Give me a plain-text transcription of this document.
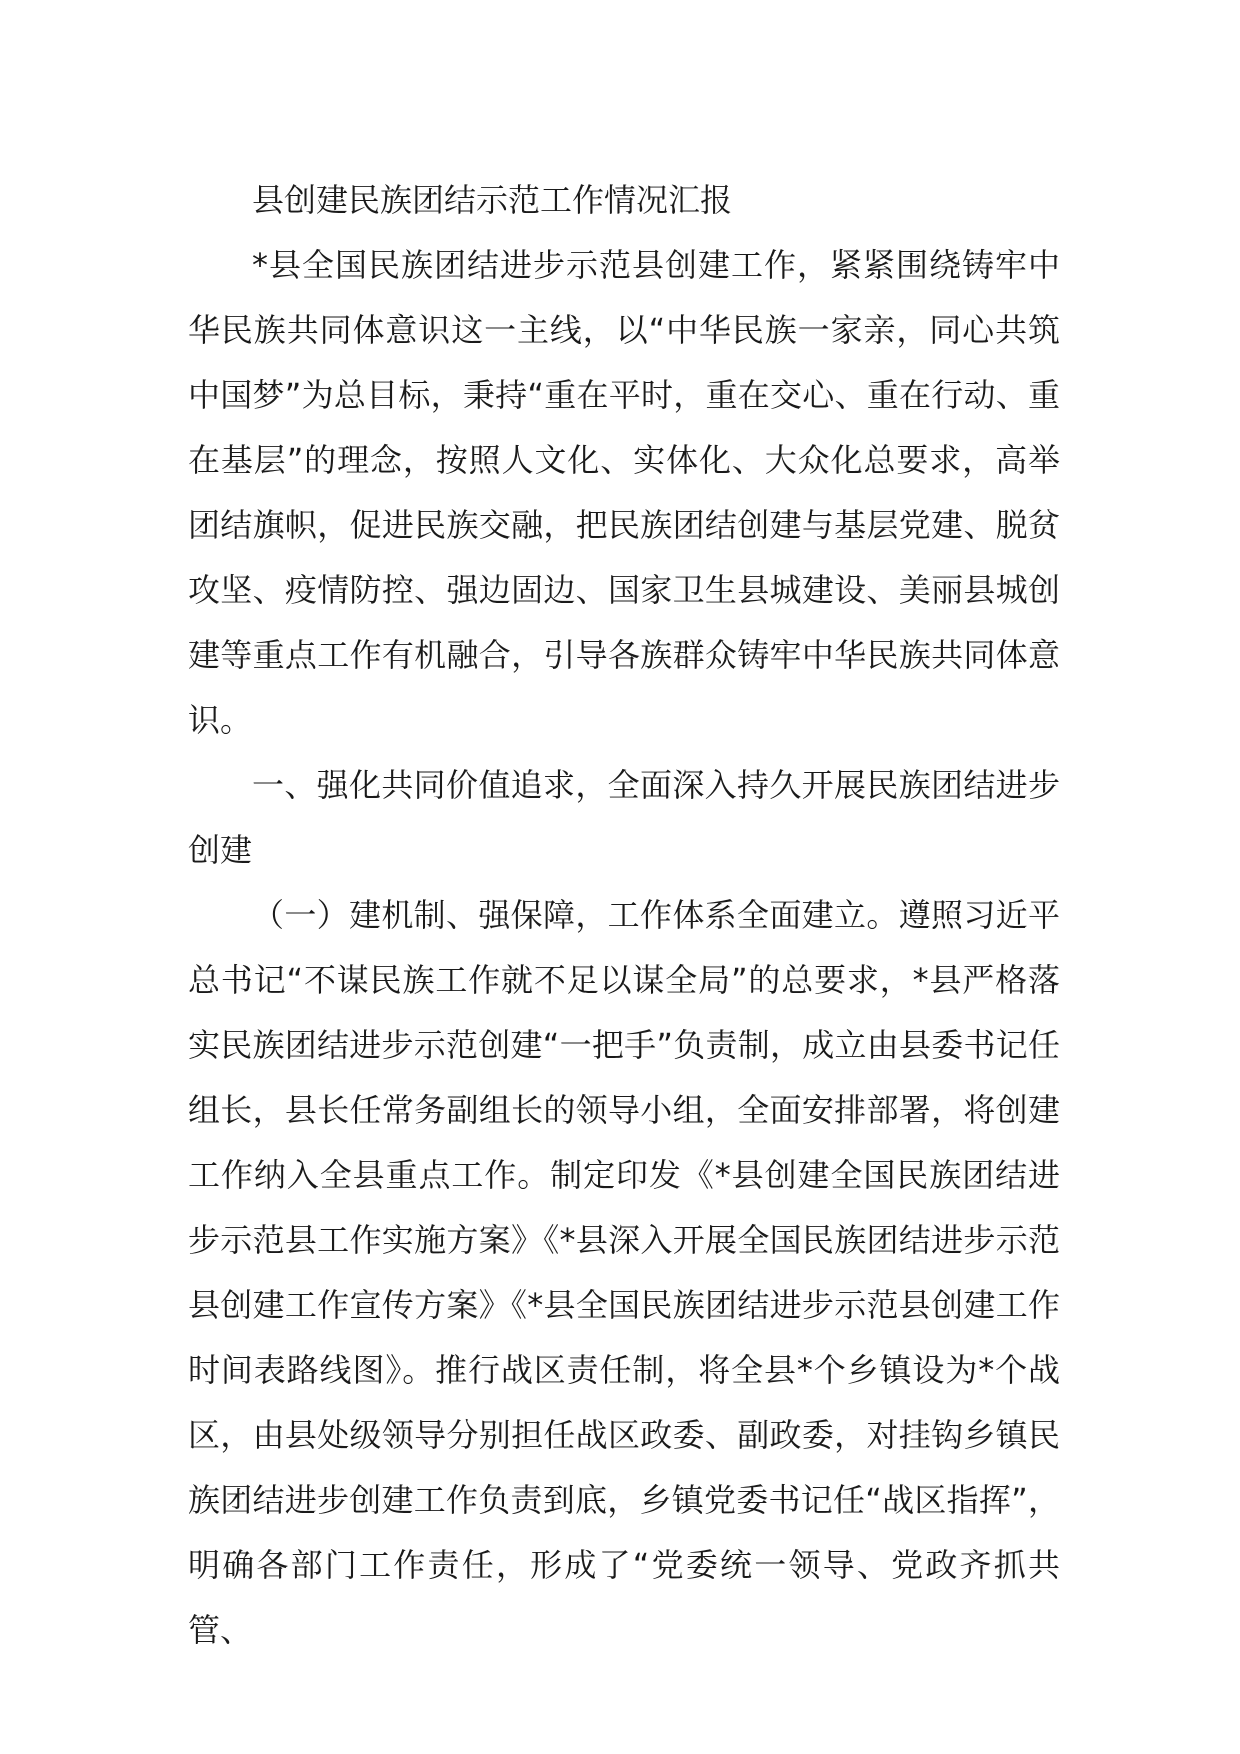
县创建民族团结示范工作情况汇报

*县全国民族团结进步示范县创建工作，紧紧围绕铸牢中华民族共同体意识这一主线，以“中华民族一家亲，同心共筑中国梦”为总目标，秉持“重在平时，重在交心、重在行动、重在基层”的理念，按照人文化、实体化、大众化总要求，高举团结旗帜，促进民族交融，把民族团结创建与基层党建、脱贫攻坚、疫情防控、强边固边、国家卫生县城建设、美丽县城创建等重点工作有机融合，引导各族群众铸牢中华民族共同体意识。

一、强化共同价值追求，全面深入持久开展民族团结进步创建

（一）建机制、强保障，工作体系全面建立。遵照习近平总书记“不谋民族工作就不足以谋全局”的总要求，*县严格落实民族团结进步示范创建“一把手”负责制，成立由县委书记任组长，县长任常务副组长的领导小组，全面安排部署，将创建工作纳入全县重点工作。制定印发《*县创建全国民族团结进步示范县工作实施方案》《*县深入开展全国民族团结进步示范县创建工作宣传方案》《*县全国民族团结进步示范县创建工作时间表路线图》。推行战区责任制，将全县*个乡镇设为*个战区，由县处级领导分别担任战区政委、副政委，对挂钩乡镇民族团结进步创建工作负责到底，乡镇党委书记任“战区指挥”，明确各部门工作责任，形成了“党委统一领导、党政齐抓共管、
